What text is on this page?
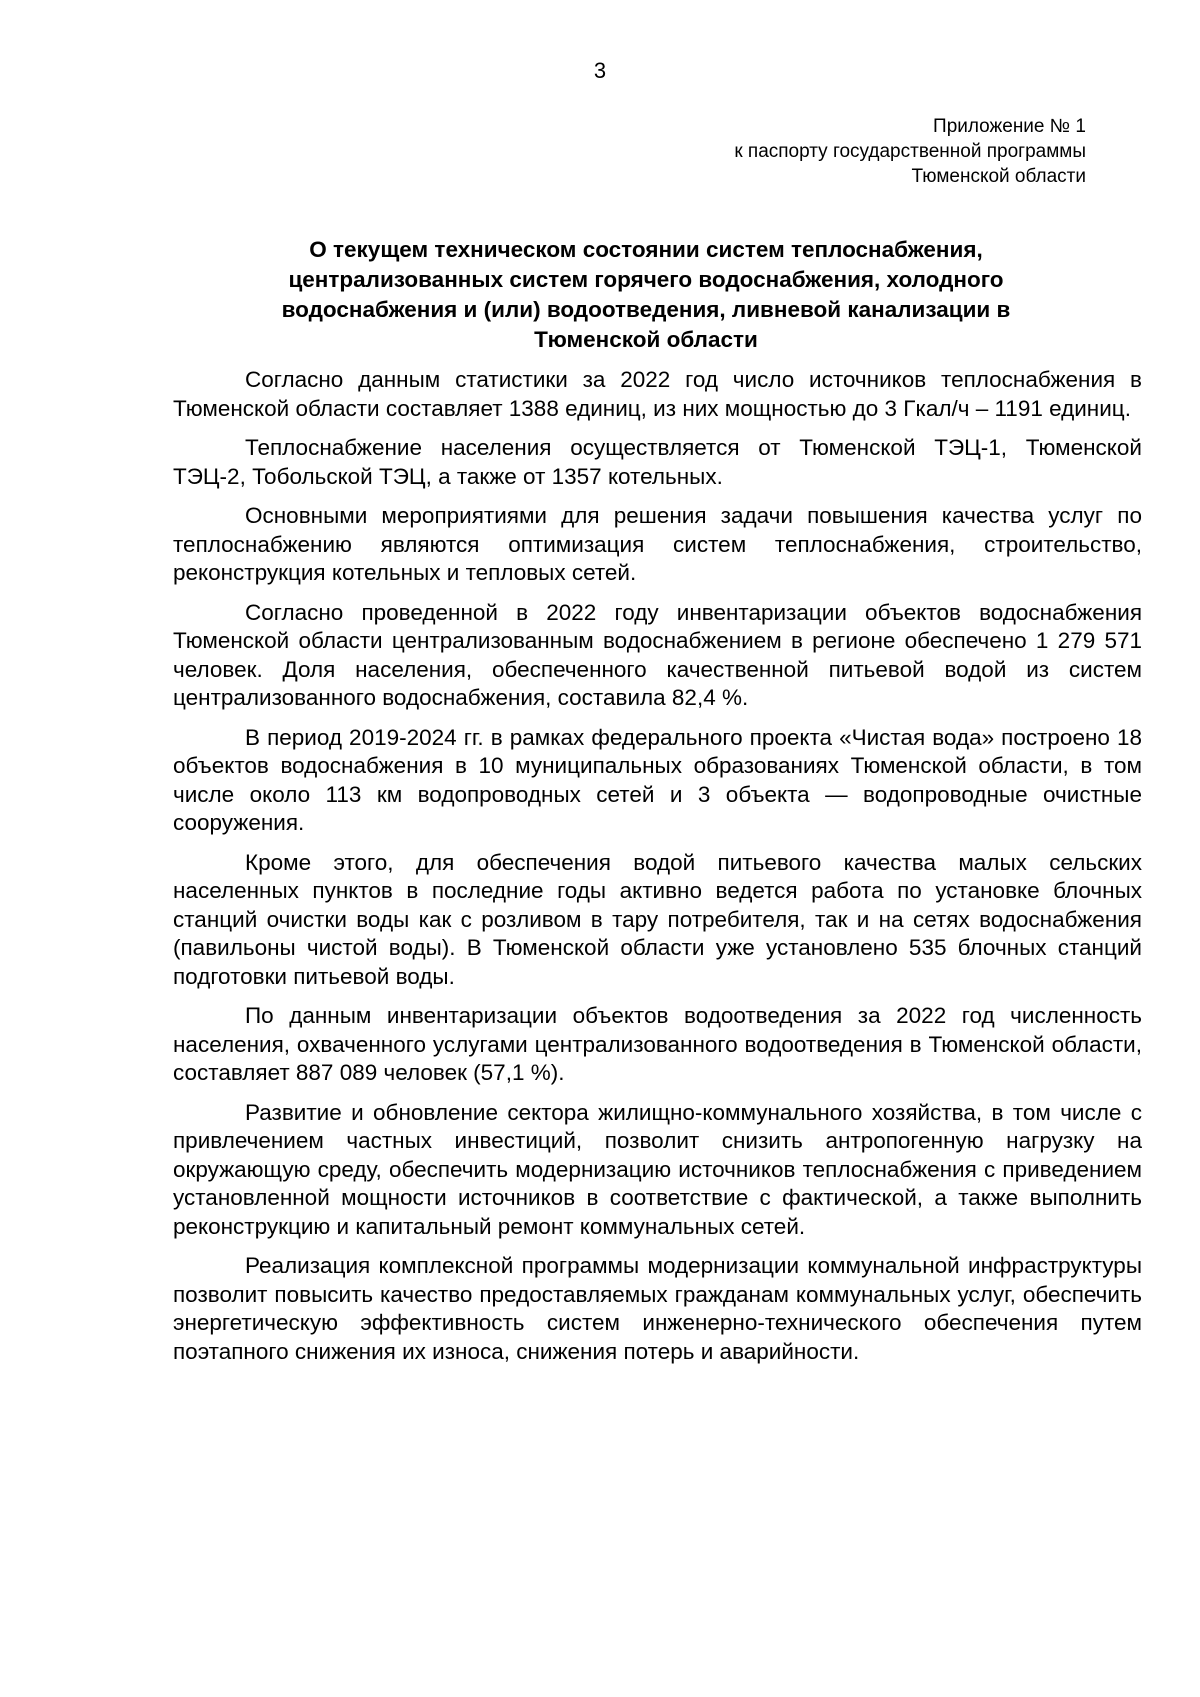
3
Приложение № 1
к паспорту государственной программы
Тюменской области
О текущем техническом состоянии систем теплоснабжения,
централизованных систем горячего водоснабжения, холодного
водоснабжения и (или) водоотведения, ливневой канализации в
Тюменской области

Согласно данным статистики за 2022 год число источников теплоснабжения в Тюменской области составляет 1388 единиц, из них мощностью до 3 Гкал/ч – 1191 единиц.

Теплоснабжение населения осуществляется от Тюменской ТЭЦ-1, Тюменской ТЭЦ-2, Тобольской ТЭЦ, а также от 1357 котельных.

Основными мероприятиями для решения задачи повышения качества услуг по теплоснабжению являются оптимизация систем теплоснабжения, строительство, реконструкция котельных и тепловых сетей.

Согласно проведенной в 2022 году инвентаризации объектов водоснабжения Тюменской области централизованным водоснабжением в регионе обеспечено 1 279 571 человек. Доля населения, обеспеченного качественной питьевой водой из систем централизованного водоснабжения, составила 82,4 %.

В период 2019-2024 гг. в рамках федерального проекта «Чистая вода» построено 18 объектов водоснабжения в 10 муниципальных образованиях Тюменской области, в том числе около 113 км водопроводных сетей и 3 объекта — водопроводные очистные сооружения.

Кроме этого, для обеспечения водой питьевого качества малых сельских населенных пунктов в последние годы активно ведется работа по установке блочных станций очистки воды как с розливом в тару потребителя, так и на сетях водоснабжения (павильоны чистой воды). В Тюменской области уже установлено 535 блочных станций подготовки питьевой воды.

По данным инвентаризации объектов водоотведения за 2022 год численность населения, охваченного услугами централизованного водоотведения в Тюменской области, составляет 887 089 человек (57,1 %).

Развитие и обновление сектора жилищно-коммунального хозяйства, в том числе с привлечением частных инвестиций, позволит снизить антропогенную нагрузку на окружающую среду, обеспечить модернизацию источников теплоснабжения с приведением установленной мощности источников в соответствие с фактической, а также выполнить реконструкцию и капитальный ремонт коммунальных сетей.

Реализация комплексной программы модернизации коммунальной инфраструктуры позволит повысить качество предоставляемых гражданам коммунальных услуг, обеспечить энергетическую эффективность систем инженерно-технического обеспечения путем поэтапного снижения их износа, снижения потерь и аварийности.
